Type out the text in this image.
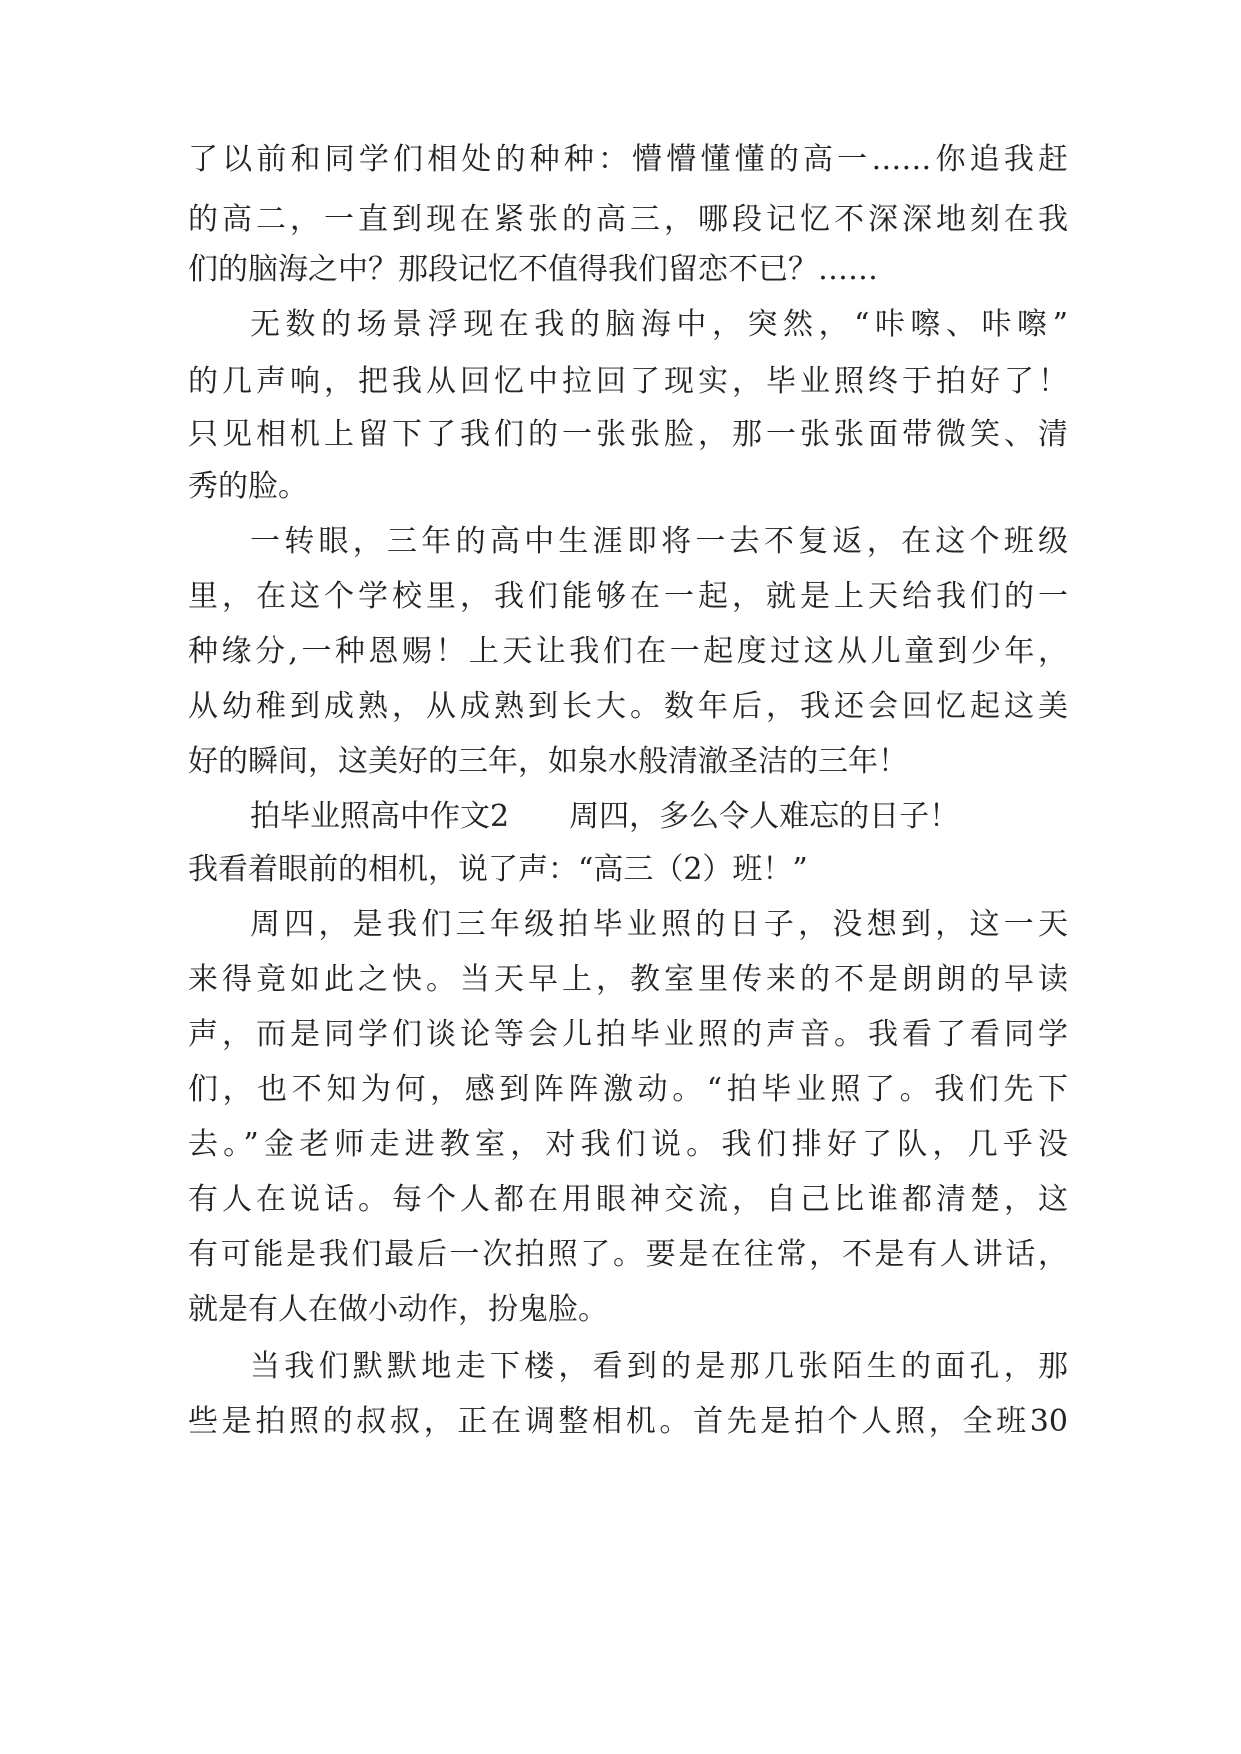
了以前和同学们相处的种种：懵懵懂懂的高一……你追我赶
的高二，一直到现在紧张的高三，哪段记忆不深深地刻在我
们的脑海之中？那段记忆不值得我们留恋不已？……
无数的场景浮现在我的脑海中，突然，“咔嚓、咔嚓”
的几声响，把我从回忆中拉回了现实，毕业照终于拍好了！
只见相机上留下了我们的一张张脸，那一张张面带微笑、清
秀的脸。
一转眼，三年的高中生涯即将一去不复返，在这个班级
里，在这个学校里，我们能够在一起，就是上天给我们的一
种缘分,一种恩赐！上天让我们在一起度过这从儿童到少年，
从幼稚到成熟，从成熟到长大。数年后，我还会回忆起这美
好的瞬间，这美好的三年，如泉水般清澈圣洁的三年！
拍毕业照高中作文2　　周四，多么令人难忘的日子！
我看着眼前的相机，说了声：“高三（2）班！”
周四，是我们三年级拍毕业照的日子，没想到，这一天
来得竟如此之快。当天早上，教室里传来的不是朗朗的早读
声，而是同学们谈论等会儿拍毕业照的声音。我看了看同学
们，也不知为何，感到阵阵激动。“拍毕业照了。我们先下
去。”金老师走进教室，对我们说。我们排好了队，几乎没
有人在说话。每个人都在用眼神交流，自己比谁都清楚，这
有可能是我们最后一次拍照了。要是在往常，不是有人讲话，
就是有人在做小动作，扮鬼脸。
当我们默默地走下楼，看到的是那几张陌生的面孔，那
些是拍照的叔叔，正在调整相机。首先是拍个人照，全班30
